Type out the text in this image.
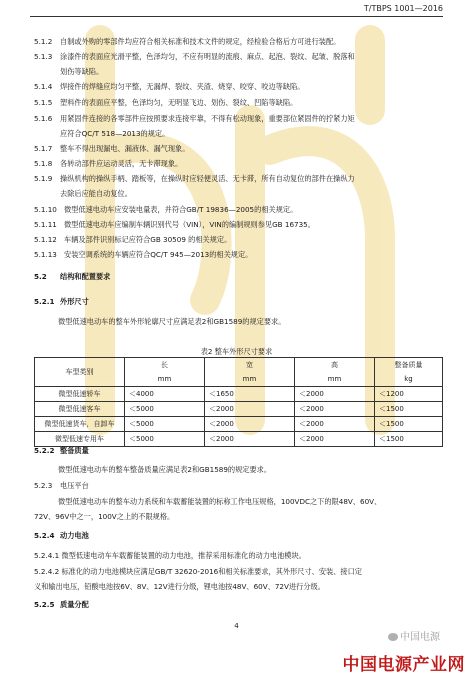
T/TBPS 1001—2016
5.1.2 自制或外购的零部件均应符合相关标准和技术文件的规定，经检验合格后方可进行装配。
5.1.3 涂漆件的表面应光滑平整，色泽均匀，不应有明显的流痕、麻点、起泡、裂纹、起皱、脱落和
划伤等缺陷。
5.1.4 焊接件的焊缝应均匀平整，无漏焊、裂纹、夹渣、烧穿、咬穿、咬边等缺陷。
5.1.5 塑料件的表面应平整，色泽均匀，无明显飞边、划伤、裂纹、凹陷等缺陷。
5.1.6 用紧固件连接的各零部件应按照要求连接牢靠，不得有松动现象，重要部位紧固件的拧紧力矩
应符合QC/T 518—2013的规定。
5.1.7 整车不得出现漏电、漏液体、漏气现象。
5.1.8 各转动部件应运动灵活，无卡滞现象。
5.1.9 操纵机构的操纵手柄、踏板等，在操纵时应轻便灵活、无卡滞，所有自动复位的部件在操纵力
去除后应能自动复位。
5.1.10 微型低速电动车应安装电量表，并符合GB/T 19836—2005的相关规定。
5.1.11 微型低速电动车应编制车辆识别代号（VIN），VIN的编制规则参见GB 16735。
5.1.12 车辆及部件识别标记应符合GB 30509 的相关规定。
5.1.13 安装空调系统的车辆应符合QC/T 945—2013的相关规定。
5.2 结构和配置要求
5.2.1 外形尺寸
微型低速电动车的整车外形轮廓尺寸应满足表2和GB1589的规定要求。
表2 整车外形尺寸要求
车型类别	长	宽	高	整备质量
	mm	mm	mm	kg
微型低速轿车	＜4000	＜1650	＜2000	＜1200
微型低速客车	＜5000	＜2000	＜2000	＜1500
微型低速货车，自卸车	＜5000	＜2000	＜2000	＜1500
微型低速专用车	＜5000	＜2000	＜2000	＜1500
5.2.2 整备质量
微型低速电动车的整车整备质量应满足表2和GB1589的规定要求。
5.2.3 电压平台
微型低速电动车的整车动力系统和车载蓄能装置的标称工作电压规格，100VDC之下的限48V、60V、
72V、96V中之一，100V之上的不限规格。
5.2.4 动力电池
5.2.4.1 微型低速电动车车载蓄能装置的动力电池，推荐采用标准化的动力电池模块。
5.2.4.2 标准化的动力电池模块应满足GB/T 32620-2016和相关标准要求，其外形尺寸、安装、接口定
义和输出电压，铅酸电池按6V、8V、12V进行分级，锂电池按48V、60V、72V进行分级。
5.2.5 质量分配
4
中国电源
中国电源产业网
